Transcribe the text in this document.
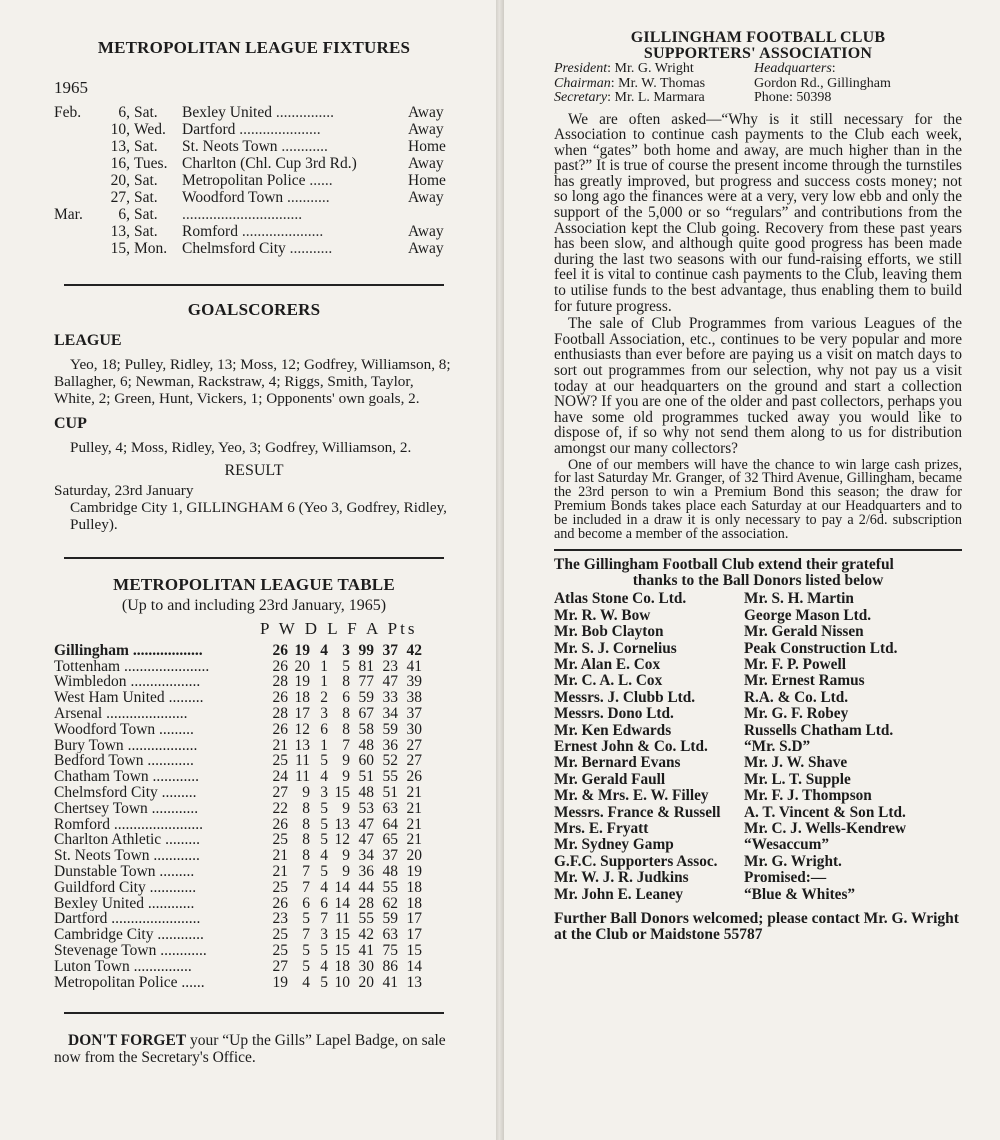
METROPOLITAN LEAGUE FIXTURES
1965
Feb.	6, Sat.	Bexley United ...............	Away
10, Wed.	Dartford .....................	Away
13, Sat.	St. Neots Town ............	Home
16, Tues. Charlton (Chl. Cup 3rd Rd.)	Away
20, Sat.	Metropolitan Police ......	Home
27, Sat.	Woodford Town ...........	Away
Mar.	6, Sat.	...............................
13, Sat.	Romford .....................	Away
15, Mon. Chelmsford City ...........	Away
GOALSCORERS
LEAGUE

Yeo, 18; Pulley, Ridley, 13; Moss, 12; Godfrey, Williamson, 8; Ballagher, 6; Newman, Rackstraw, 4; Riggs, Smith, Taylor, White, 2; Green, Hunt, Vickers, 1; Opponents' own goals, 2.

CUP

Pulley, 4; Moss, Ridley, Yeo, 3; Godfrey, Williamson, 2.

RESULT

Saturday, 23rd January

Cambridge City 1, GILLINGHAM 6 (Yeo 3, Godfrey, Ridley, Pulley).

METROPOLITAN LEAGUE TABLE
(Up to and including 23rd January, 1965)
P W D L F A Pts
Gillingham ..................	26 19 4 3 99 37 42
Tottenham ......................	26 20 1 5 81 23 41
Wimbledon ..................	28 19 1 8 77 47 39
West Ham United .........	26 18 2 6 59 33 38
Arsenal .....................	28 17 3 8 67 34 37
Woodford Town .........	26 12 6 8 58 59 30
Bury Town ..................	21 13 1 7 48 36 27
Bedford Town ............	25 11 5 9 60 52 27
Chatham Town ............	24 11 4 9 51 55 26
Chelmsford City .........	27 9 3 15 48 51 21
Chertsey Town ............	22 8 5 9 53 63 21
Romford .......................	26 8 5 13 47 64 21
Charlton Athletic .........	25 8 5 12 47 65 21
St. Neots Town ............	21 8 4 9 34 37 20
Dunstable Town .........	21 7 5 9 36 48 19
Guildford City ............	25 7 4 14 44 55 18
Bexley United ............	26 6 6 14 28 62 18
Dartford .......................	23 5 7 11 55 59 17
Cambridge City ............	25 7 3 15 42 63 17
Stevenage Town ............	25 5 5 15 41 75 15
Luton Town ...............	27 5 4 18 30 86 14
Metropolitan Police ......	19 4 5 10 20 41 13

DON'T FORGET your “Up the Gills” Lapel Badge, on sale now from the Secretary's Office.

GILLINGHAM FOOTBALL CLUB
SUPPORTERS' ASSOCIATION
President: Mr. G. Wright	Headquarters:
Chairman: Mr. W. Thomas	Gordon Rd., Gillingham
Secretary: Mr. L. Marmara	Phone: 50398

We are often asked—“Why is it still necessary for the Association to continue cash payments to the Club each week, when “gates” both home and away, are much higher than in the past?” It is true of course the present income through the turnstiles has greatly improved, but progress and success costs money; not so long ago the finances were at a very, very low ebb and only the support of the 5,000 or so “regulars” and contributions from the Association kept the Club going. Recovery from these past years has been slow, and although quite good progress has been made during the last two seasons with our fund-raising efforts, we still feel it is vital to continue cash payments to the Club, leaving them to utilise funds to the best advantage, thus enabling them to build for future progress.

The sale of Club Programmes from various Leagues of the Football Association, etc., continues to be very popular and more enthusiasts than ever before are paying us a visit on match days to sort out programmes from our selection, why not pay us a visit today at our headquarters on the ground and start a collection NOW? If you are one of the older and past collectors, perhaps you have some old programmes tucked away you would like to dispose of, if so why not send them along to us for distribution amongst our many collectors?

One of our members will have the chance to win large cash prizes, for last Saturday Mr. Granger, of 32 Third Avenue, Gillingham, became the 23rd person to win a Premium Bond this season; the draw for Premium Bonds takes place each Saturday at our Headquarters and to be included in a draw it is only necessary to pay a 2/6d. subscription and become a member of the association.

The Gillingham Football Club extend their grateful
thanks to the Ball Donors listed below
Atlas Stone Co. Ltd.	Mr. S. H. Martin
Mr. R. W. Bow	George Mason Ltd.
Mr. Bob Clayton	Mr. Gerald Nissen
Mr. S. J. Cornelius	Peak Construction Ltd.
Mr. Alan E. Cox	Mr. F. P. Powell
Mr. C. A. L. Cox	Mr. Ernest Ramus
Messrs. J. Clubb Ltd.	R.A. & Co. Ltd.
Messrs. Dono Ltd.	Mr. G. F. Robey
Mr. Ken Edwards	Russells Chatham Ltd.
Ernest John & Co. Ltd.	“Mr. S.D”
Mr. Bernard Evans	Mr. J. W. Shave
Mr. Gerald Faull	Mr. L. T. Supple
Mr. & Mrs. E. W. Filley	Mr. F. J. Thompson
Messrs. France & Russell	A. T. Vincent & Son Ltd.
Mrs. E. Fryatt	Mr. C. J. Wells-Kendrew
Mr. Sydney Gamp	“Wesaccum”
G.F.C. Supporters Assoc.	Mr. G. Wright.
Mr. W. J. R. Judkins	Promised:—
Mr. John E. Leaney	“Blue & Whites”
Further Ball Donors welcomed; please contact Mr. G. Wright at the Club or Maidstone 55787
